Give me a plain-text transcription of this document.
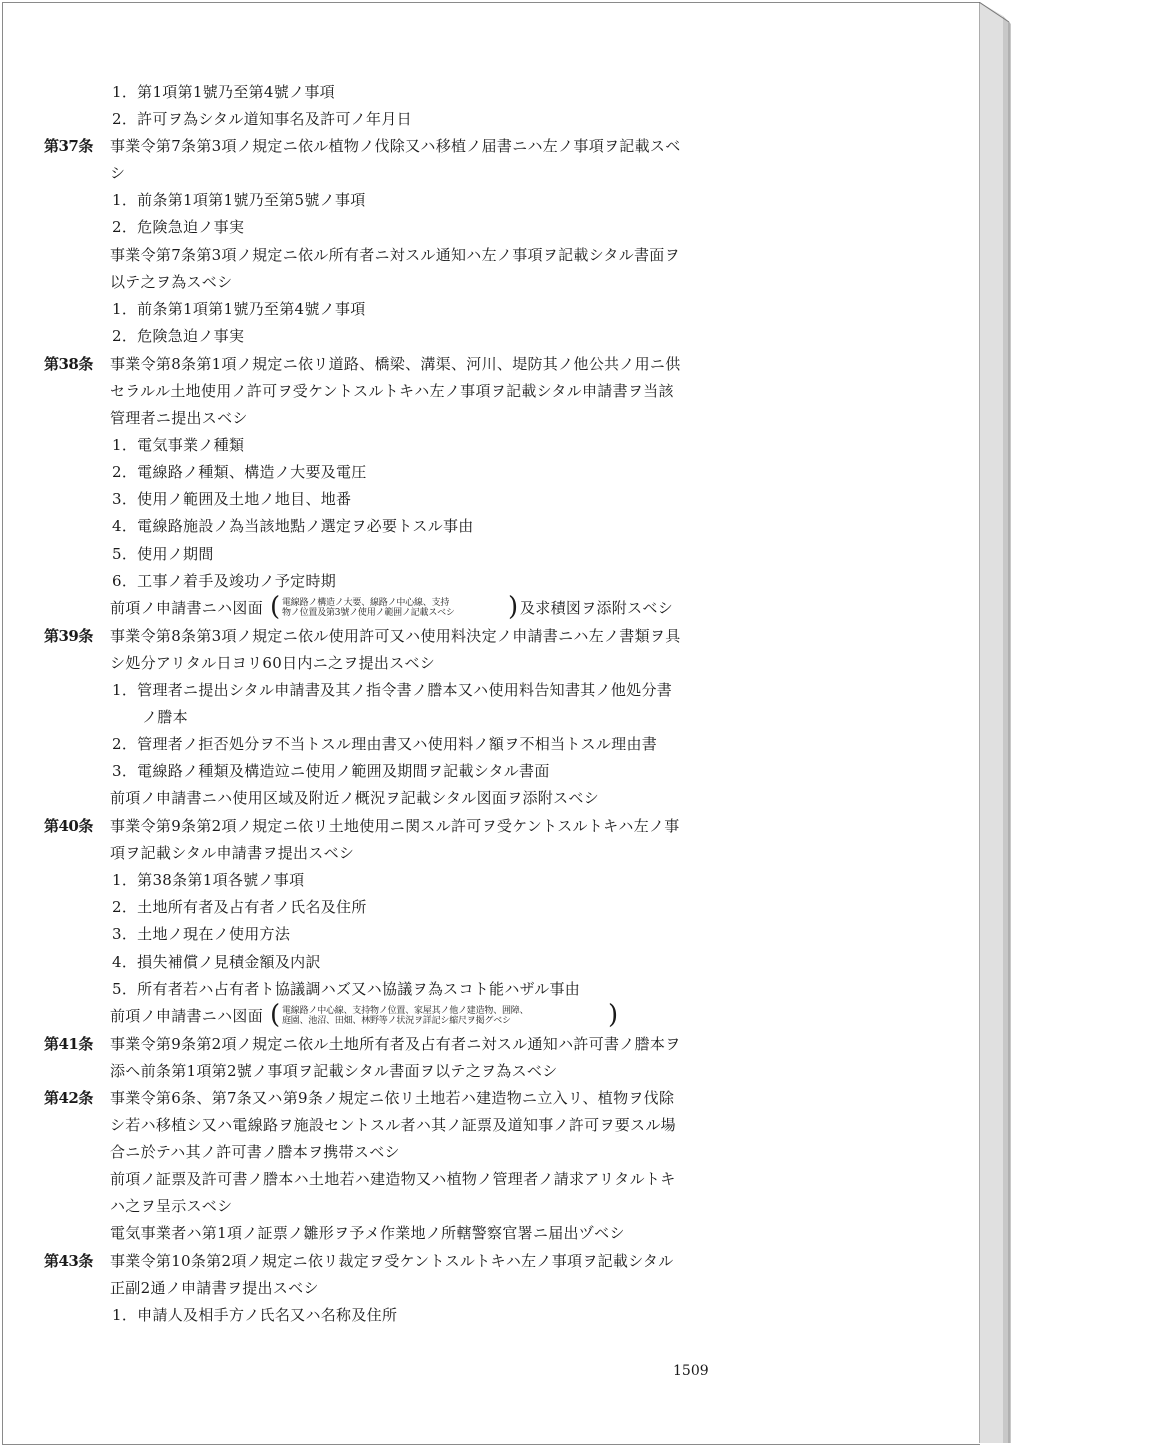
1．第1項第1號乃至第4號ノ事項
2．許可ヲ為シタル道知事名及許可ノ年月日
第37条 事業令第7条第3項ノ規定ニ依ル植物ノ伐除又ハ移植ノ届書ニハ左ノ事項ヲ記載スベ
シ
1．前条第1項第1號乃至第5號ノ事項
2．危険急迫ノ事実
事業令第7条第3項ノ規定ニ依ル所有者ニ対スル通知ハ左ノ事項ヲ記載シタル書面ヲ
以テ之ヲ為スベシ
1．前条第1項第1號乃至第4號ノ事項
2．危険急迫ノ事実
第38条 事業令第8条第1項ノ規定ニ依リ道路、橋梁、溝渠、河川、堤防其ノ他公共ノ用ニ供
セラルル土地使用ノ許可ヲ受ケントスルトキハ左ノ事項ヲ記載シタル申請書ヲ当該
管理者ニ提出スベシ
1．電気事業ノ種類
2．電線路ノ種類、構造ノ大要及電圧
3．使用ノ範囲及土地ノ地目、地番
4．電線路施設ノ為当該地點ノ選定ヲ必要トスル事由
5．使用ノ期間
6．工事ノ着手及竣功ノ予定時期
前項ノ申請書ニハ図面 ( 電線路ノ構造ノ大要、線路ノ中心線、支持
物ノ位置及第3號ノ使用ノ範囲ノ記載スベシ ) 及求積図ヲ添附スベシ
第39条 事業令第8条第3項ノ規定ニ依ル使用許可又ハ使用料決定ノ申請書ニハ左ノ書類ヲ具
シ処分アリタル日ヨリ60日内ニ之ヲ提出スベシ
1．管理者ニ提出シタル申請書及其ノ指令書ノ謄本又ハ使用料告知書其ノ他処分書
ノ謄本
2．管理者ノ拒否処分ヲ不当トスル理由書又ハ使用料ノ額ヲ不相当トスル理由書
3．電線路ノ種類及構造竝ニ使用ノ範囲及期間ヲ記載シタル書面
前項ノ申請書ニハ使用区域及附近ノ概況ヲ記載シタル図面ヲ添附スベシ
第40条 事業令第9条第2項ノ規定ニ依リ土地使用ニ関スル許可ヲ受ケントスルトキハ左ノ事
項ヲ記載シタル申請書ヲ提出スベシ
1．第38条第1項各號ノ事項
2．土地所有者及占有者ノ氏名及住所
3．土地ノ現在ノ使用方法
4．損失補償ノ見積金額及内訳
5．所有者若ハ占有者ト協議調ハズ又ハ協議ヲ為スコト能ハザル事由
前項ノ申請書ニハ図面 ( 電線路ノ中心線、支持物ノ位置、家屋其ノ他ノ建造物、囲障、
庭園、池沼、田畑、林野等ノ状況ヲ詳記シ縮尺ヲ掲グベシ	)
第41条 事業令第9条第2項ノ規定ニ依ル土地所有者及占有者ニ対スル通知ハ許可書ノ謄本ヲ
添ヘ前条第1項第2號ノ事項ヲ記載シタル書面ヲ以テ之ヲ為スベシ
第42条 事業令第6条、第7条又ハ第9条ノ規定ニ依リ土地若ハ建造物ニ立入リ、植物ヲ伐除
シ若ハ移植シ又ハ電線路ヲ施設セントスル者ハ其ノ証票及道知事ノ許可ヲ要スル場
合ニ於テハ其ノ許可書ノ謄本ヲ携帯スベシ
前項ノ証票及許可書ノ謄本ハ土地若ハ建造物又ハ植物ノ管理者ノ請求アリタルトキ
ハ之ヲ呈示スベシ
電気事業者ハ第1項ノ証票ノ雛形ヲ予メ作業地ノ所轄警察官署ニ届出ヅベシ
第43条 事業令第10条第2項ノ規定ニ依リ裁定ヲ受ケントスルトキハ左ノ事項ヲ記載シタル
正副2通ノ申請書ヲ提出スベシ
1．申請人及相手方ノ氏名又ハ名称及住所
1509
